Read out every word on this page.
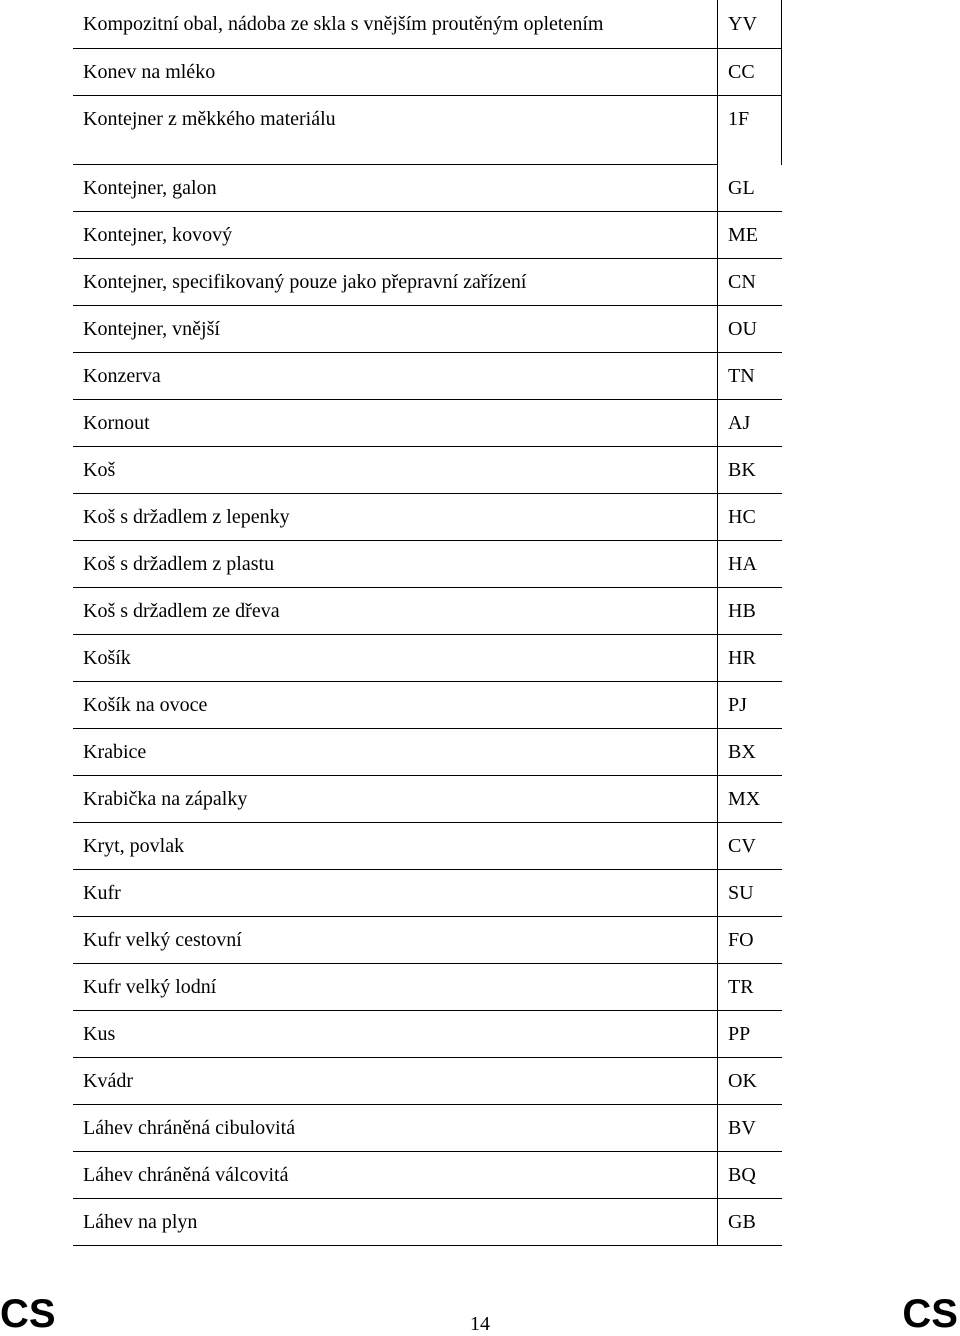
Kompozitní obal, nádoba ze skla s vnějším proutěným opletením	YV
Konev na mléko	CC
Kontejner z měkkého materiálu	1F
Kontejner, galon	GL
Kontejner, kovový	ME
Kontejner, specifikovaný pouze jako přepravní zařízení	CN
Kontejner, vnější	OU
Konzerva	TN
Kornout	AJ
Koš	BK
Koš s držadlem z lepenky	HC
Koš s držadlem z plastu	HA
Koš s držadlem ze dřeva	HB
Košík	HR
Košík na ovoce	PJ
Krabice	BX
Krabička na zápalky	MX
Kryt, povlak	CV
Kufr	SU
Kufr velký cestovní	FO
Kufr velký lodní	TR
Kus	PP
Kvádr	OK
Láhev chráněná cibulovitá	BV
Láhev chráněná válcovitá	BQ
Láhev na plyn	GB
CS	14	CS
